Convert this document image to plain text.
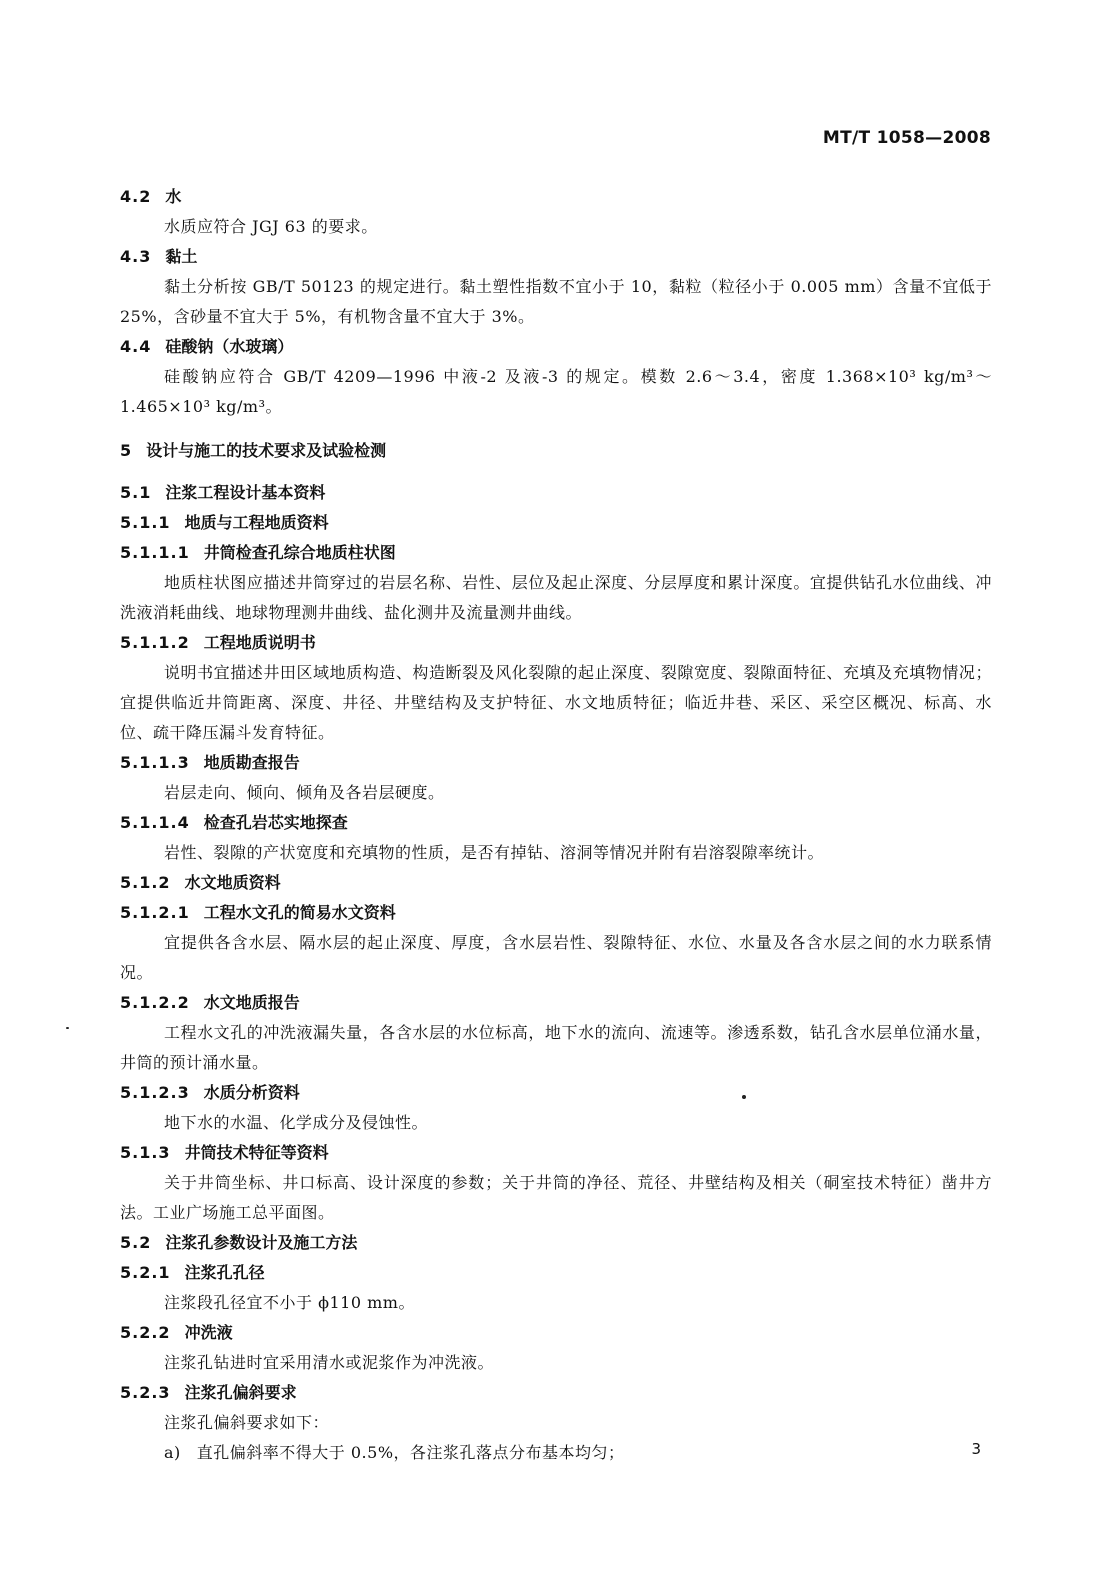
MT/T 1058—2008
4.2 水
水质应符合 JGJ 63 的要求。
4.3 黏土
黏土分析按 GB/T 50123 的规定进行。黏土塑性指数不宜小于 10，黏粒（粒径小于 0.005 mm）含量不宜低于 25%，含砂量不宜大于 5%，有机物含量不宜大于 3%。
4.4 硅酸钠（水玻璃）
硅酸钠应符合 GB/T 4209—1996 中液-2 及液-3 的规定。模数 2.6～3.4，密度 1.368×10³ kg/m³～1.465×10³ kg/m³。
5 设计与施工的技术要求及试验检测
5.1 注浆工程设计基本资料
5.1.1 地质与工程地质资料
5.1.1.1 井筒检查孔综合地质柱状图
地质柱状图应描述井筒穿过的岩层名称、岩性、层位及起止深度、分层厚度和累计深度。宜提供钻孔水位曲线、冲洗液消耗曲线、地球物理测井曲线、盐化测井及流量测井曲线。
5.1.1.2 工程地质说明书
说明书宜描述井田区域地质构造、构造断裂及风化裂隙的起止深度、裂隙宽度、裂隙面特征、充填及充填物情况；宜提供临近井筒距离、深度、井径、井壁结构及支护特征、水文地质特征；临近井巷、采区、采空区概况、标高、水位、疏干降压漏斗发育特征。
5.1.1.3 地质勘查报告
岩层走向、倾向、倾角及各岩层硬度。
5.1.1.4 检查孔岩芯实地探查
岩性、裂隙的产状宽度和充填物的性质，是否有掉钻、溶洞等情况并附有岩溶裂隙率统计。
5.1.2 水文地质资料
5.1.2.1 工程水文孔的简易水文资料
宜提供各含水层、隔水层的起止深度、厚度，含水层岩性、裂隙特征、水位、水量及各含水层之间的水力联系情况。
5.1.2.2 水文地质报告
工程水文孔的冲洗液漏失量，各含水层的水位标高，地下水的流向、流速等。渗透系数，钻孔含水层单位涌水量，井筒的预计涌水量。
5.1.2.3 水质分析资料
地下水的水温、化学成分及侵蚀性。
5.1.3 井筒技术特征等资料
关于井筒坐标、井口标高、设计深度的参数；关于井筒的净径、荒径、井壁结构及相关（硐室技术特征）凿井方法。工业广场施工总平面图。
5.2 注浆孔参数设计及施工方法
5.2.1 注浆孔孔径
注浆段孔径宜不小于 ϕ110 mm。
5.2.2 冲洗液
注浆孔钻进时宜采用清水或泥浆作为冲洗液。
5.2.3 注浆孔偏斜要求
注浆孔偏斜要求如下：
a) 直孔偏斜率不得大于 0.5%，各注浆孔落点分布基本均匀；	3
